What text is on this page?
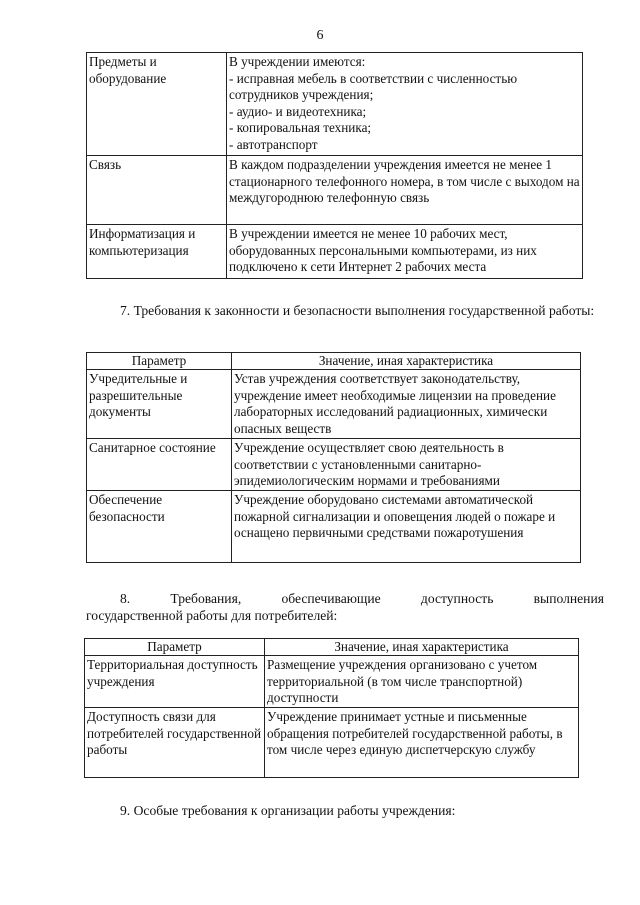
6
Предметы и оборудование	В учреждении имеются:
- исправная мебель в соответствии с численностью сотрудников учреждения;
- аудио- и видеотехника;
- копировальная техника;
- автотранспорт
Связь	В каждом подразделении учреждения имеется не менее 1 стационарного телефонного номера, в том числе с выходом на междугороднюю телефонную связь
Информатизация и компьютеризация	В учреждении имеется не менее 10 рабочих мест, оборудованных персональными компьютерами, из них подключено к сети Интернет 2 рабочих места
7. Требования к законности и безопасности выполнения государственной работы:
Параметр	Значение, иная характеристика
Учредительные и разрешительные документы	Устав учреждения соответствует законодательству, учреждение имеет необходимые лицензии на проведение лабораторных исследований радиационных, химически опасных веществ
Санитарное состояние	Учреждение осуществляет свою деятельность в соответствии с установленными санитарно-эпидемиологическим нормами и требованиями
Обеспечение безопасности	Учреждение оборудовано системами автоматической пожарной сигнализации и оповещения людей о пожаре и оснащено первичными средствами пожаротушения
8.	Требования,	обеспечивающие	доступность	выполнения
государственной работы для потребителей:
Параметр	Значение, иная характеристика
Территориальная доступность учреждения	Размещение учреждения организовано с учетом территориальной (в том числе транспортной) доступности
Доступность связи для потребителей государственной работы	Учреждение принимает устные и письменные обращения потребителей государственной работы, в том числе через единую диспетчерскую службу
9. Особые требования к организации работы учреждения:
